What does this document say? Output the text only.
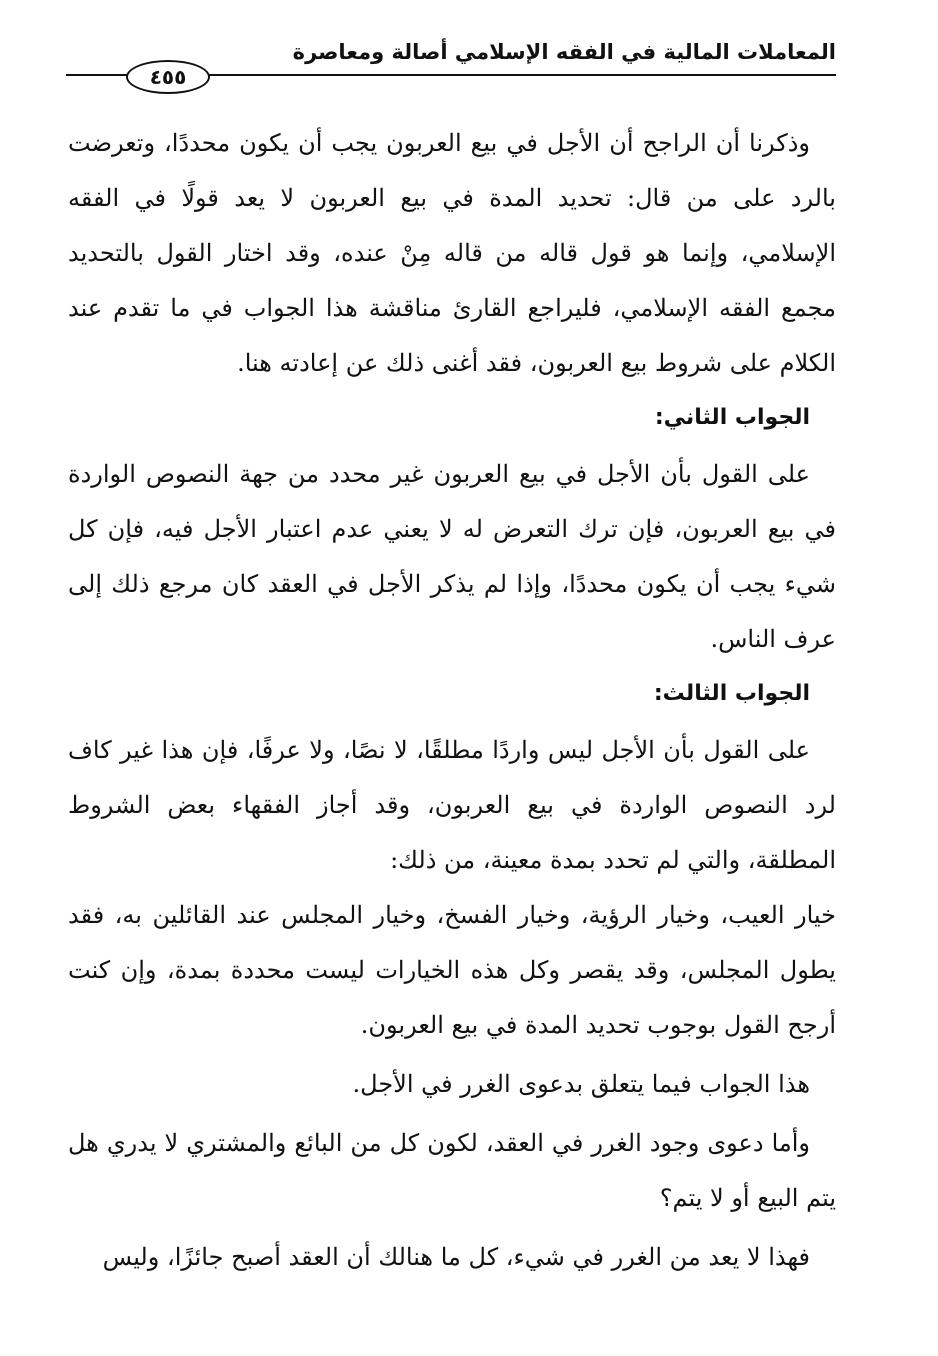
المعاملات المالية في الفقه الإسلامي أصالة ومعاصرة
٤٥٥

وذكرنا أن الراجح أن الأجل في بيع العربون يجب أن يكون محددًا، وتعرضت بالرد على من قال: تحديد المدة في بيع العربون لا يعد قولًا في الفقه الإسلامي، وإنما هو قول قاله من قاله مِنْ عنده، وقد اختار القول بالتحديد مجمع الفقه الإسلامي، فليراجع القارئ مناقشة هذا الجواب في ما تقدم عند الكلام على شروط بيع العربون، فقد أغنى ذلك عن إعادته هنا.

الجواب الثاني:

على القول بأن الأجل في بيع العربون غير محدد من جهة النصوص الواردة في بيع العربون، فإن ترك التعرض له لا يعني عدم اعتبار الأجل فيه، فإن كل شيء يجب أن يكون محددًا، وإذا لم يذكر الأجل في العقد كان مرجع ذلك إلى عرف الناس.

الجواب الثالث:

على القول بأن الأجل ليس واردًا مطلقًا، لا نصًا، ولا عرفًا، فإن هذا غير كاف لرد النصوص الواردة في بيع العربون، وقد أجاز الفقهاء بعض الشروط المطلقة، والتي لم تحدد بمدة معينة، من ذلك:

خيار العيب، وخيار الرؤية، وخيار الفسخ، وخيار المجلس عند القائلين به، فقد يطول المجلس، وقد يقصر وكل هذه الخيارات ليست محددة بمدة، وإن كنت أرجح القول بوجوب تحديد المدة في بيع العربون.

هذا الجواب فيما يتعلق بدعوى الغرر في الأجل.

وأما دعوى وجود الغرر في العقد، لكون كل من البائع والمشتري لا يدري هل يتم البيع أو لا يتم؟

فهذا لا يعد من الغرر في شيء، كل ما هنالك أن العقد أصبح جائزًا، وليس
